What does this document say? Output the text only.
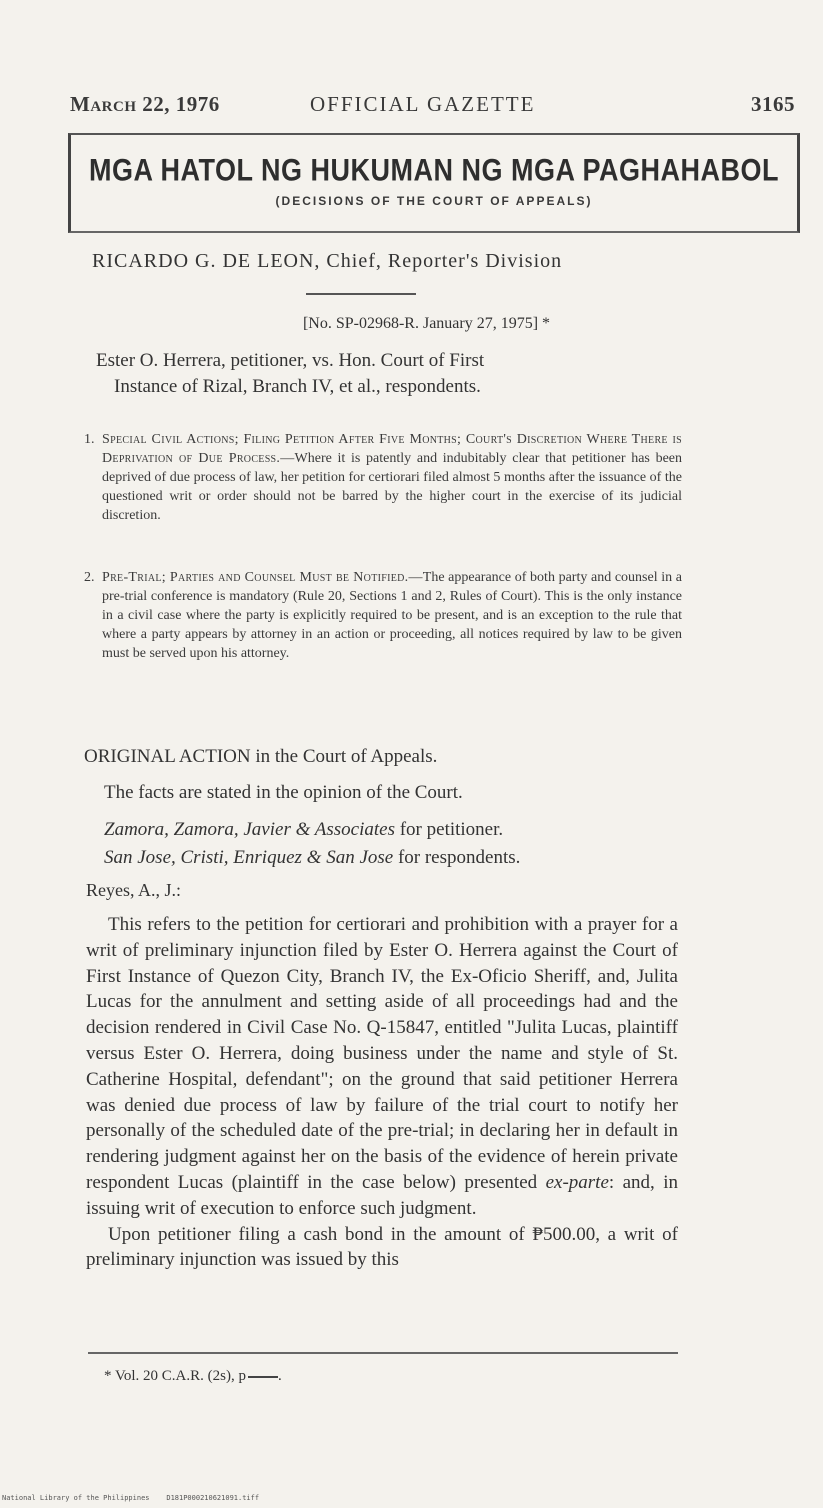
March 22, 1976	OFFICIAL GAZETTE	3165
MGA HATOL NG HUKUMAN NG MGA PAGHAHABOL
(DECISIONS OF THE COURT OF APPEALS)
RICARDO G. DE LEON, Chief, Reporter's Division
[No. SP-02968-R. January 27, 1975] *
Ester O. Herrera, petitioner, vs. Hon. Court of First
Instance of Rizal, Branch IV, et al., respondents.
1. Special Civil Actions; Filing Petition After Five Months; Court's Discretion Where There is Deprivation of Due Process.—Where it is patently and indubitably clear that petitioner has been deprived of due process of law, her petition for certiorari filed almost 5 months after the issuance of the questioned writ or order should not be barred by the higher court in the exercise of its judicial discretion.
2. Pre-Trial; Parties and Counsel Must be Notified.—The appearance of both party and counsel in a pre-trial conference is mandatory (Rule 20, Sections 1 and 2, Rules of Court). This is the only instance in a civil case where the party is explicitly required to be present, and is an exception to the rule that where a party appears by attorney in an action or proceeding, all notices required by law to be given must be served upon his attorney.
ORIGINAL ACTION in the Court of Appeals.
The facts are stated in the opinion of the Court.
Zamora, Zamora, Javier & Associates for petitioner.
San Jose, Cristi, Enriquez & San Jose for respondents.
Reyes, A., J.:

This refers to the petition for certiorari and prohibition with a prayer for a writ of preliminary injunction filed by Ester O. Herrera against the Court of First Instance of Quezon City, Branch IV, the Ex-Oficio Sheriff, and, Julita Lucas for the annulment and setting aside of all proceedings had and the decision rendered in Civil Case No. Q-15847, entitled "Julita Lucas, plaintiff versus Ester O. Herrera, doing business under the name and style of St. Catherine Hospital, defendant"; on the ground that said petitioner Herrera was denied due process of law by failure of the trial court to notify her personally of the scheduled date of the pre-trial; in declaring her in default in rendering judgment against her on the basis of the evidence of herein private respondent Lucas (plaintiff in the case below) presented ex-parte: and, in issuing writ of execution to enforce such judgment.

Upon petitioner filing a cash bond in the amount of ₱500.00, a writ of preliminary injunction was issued by this

* Vol. 20 C.A.R. (2s), p .
National Library of the Philippines    D181P000210621091.tiff
